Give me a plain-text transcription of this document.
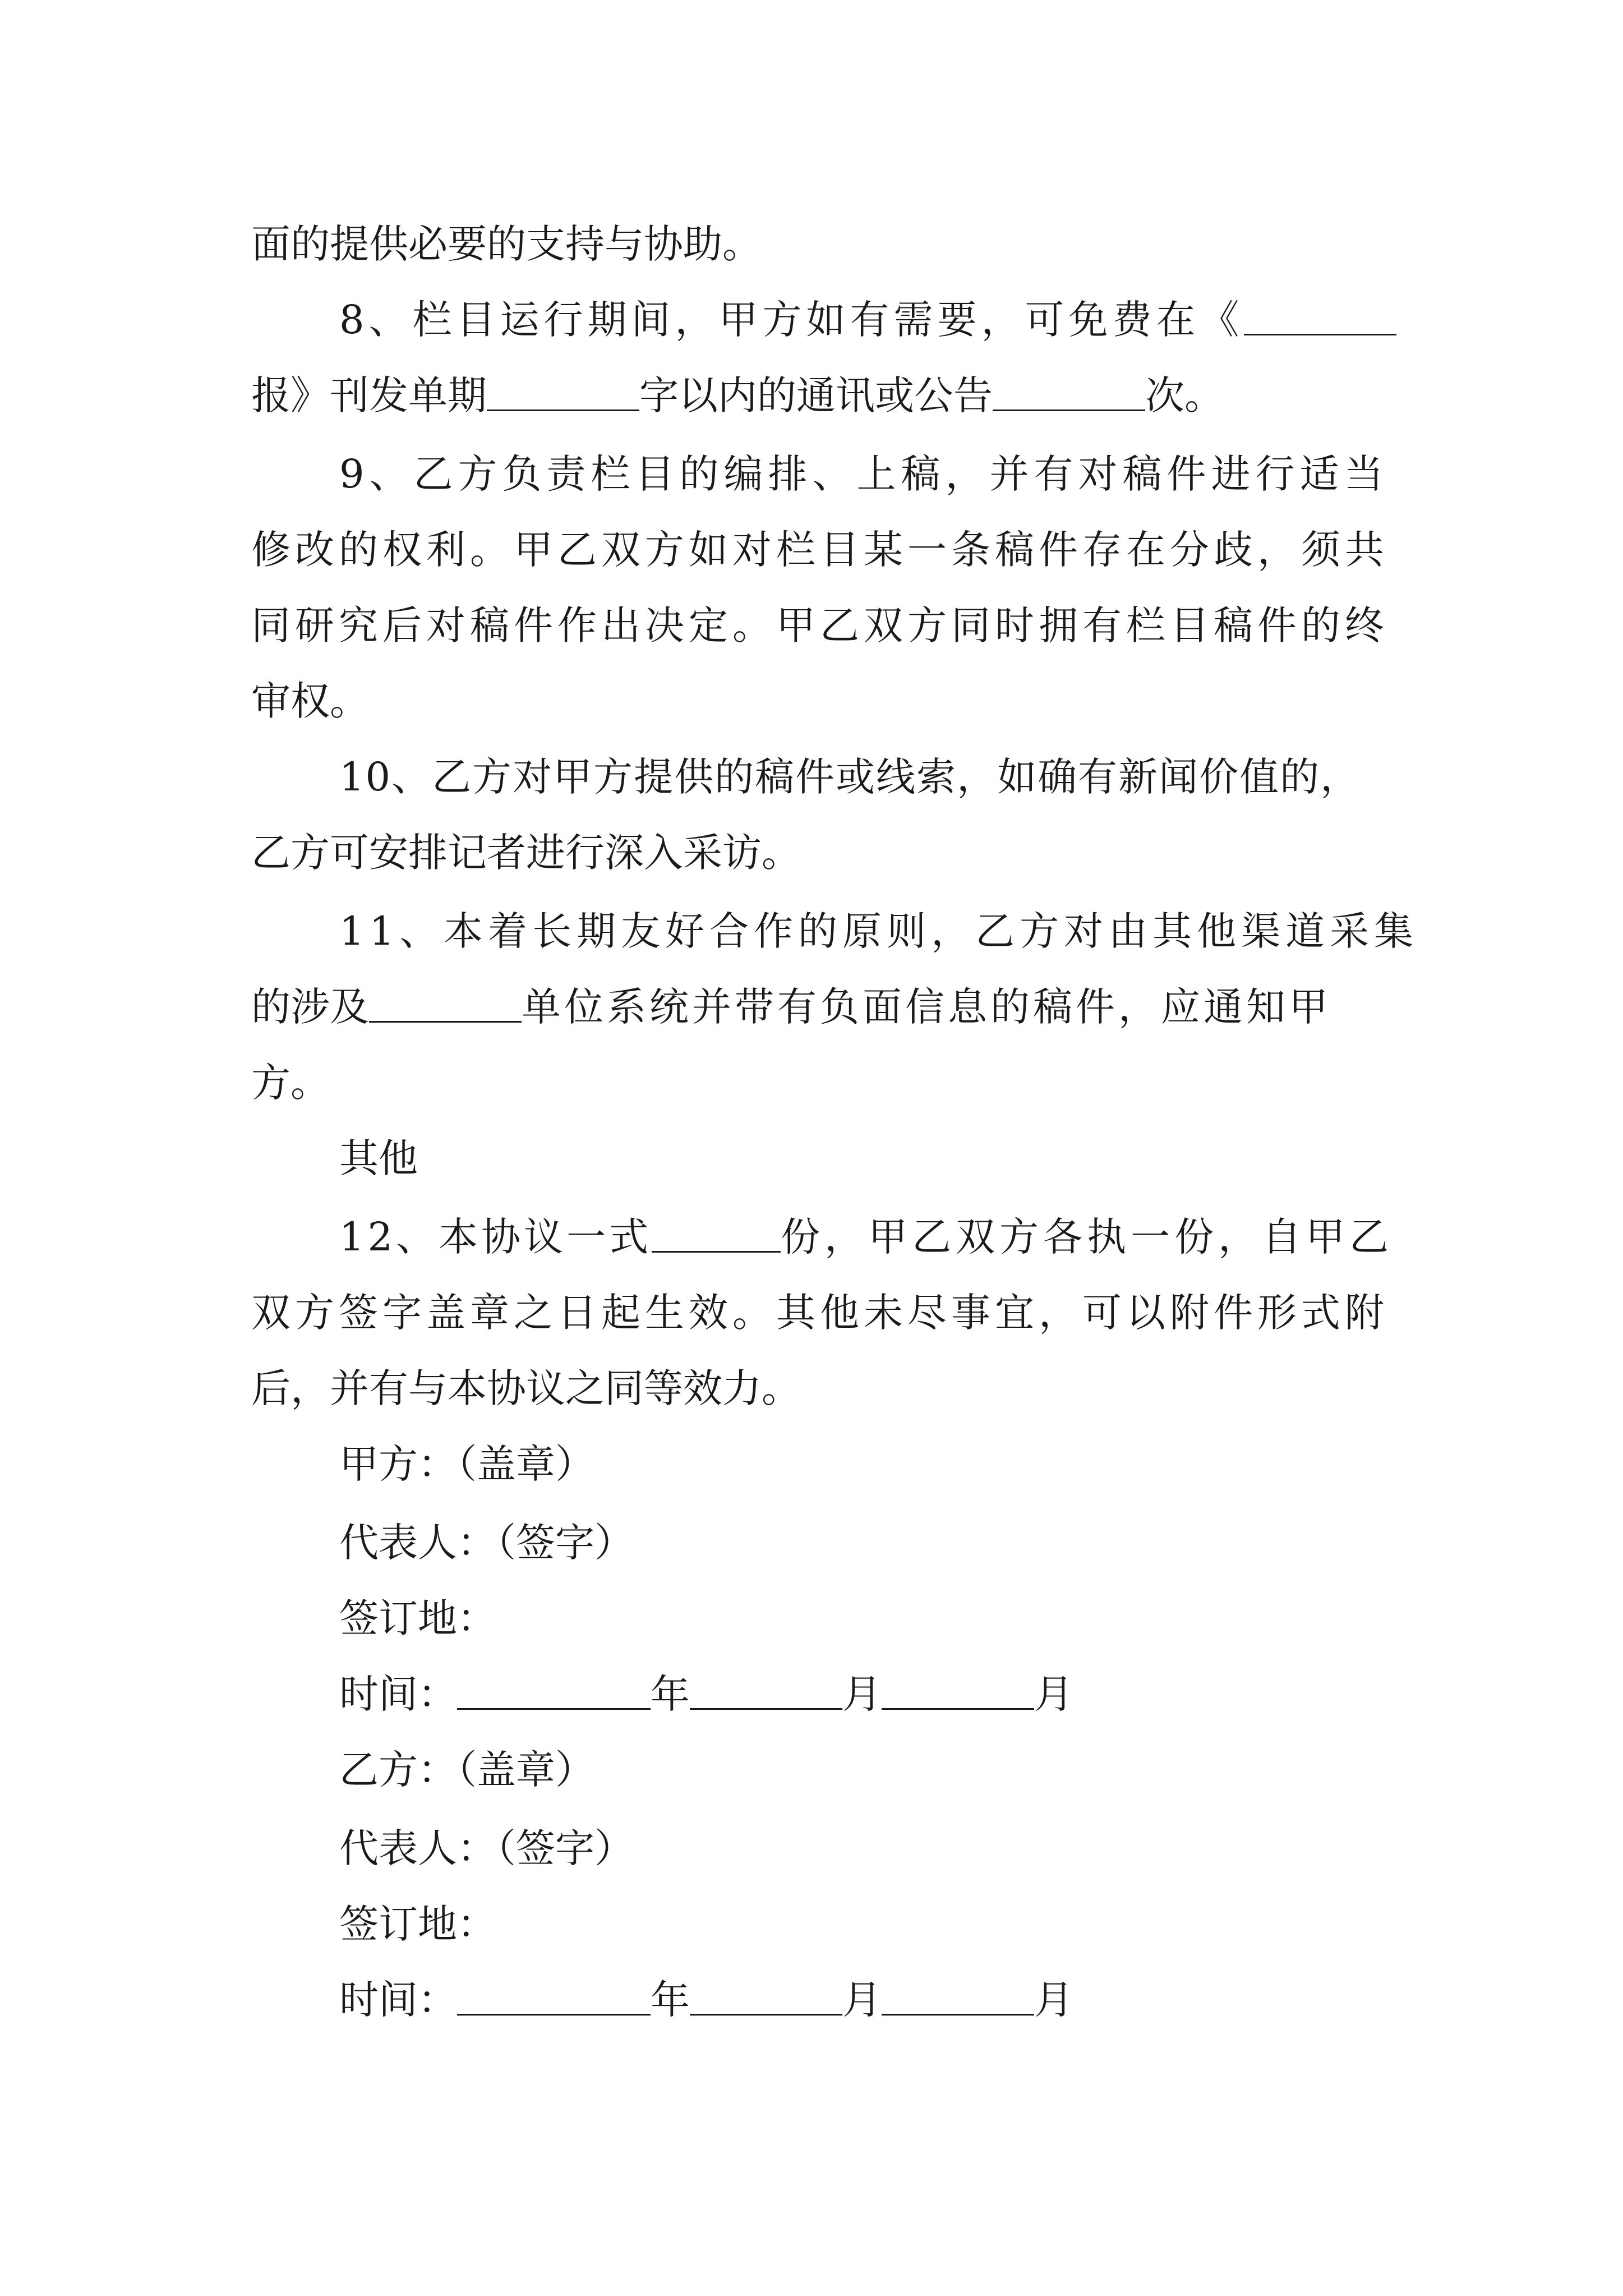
面的提供必要的支持与协助。
8、栏目运行期间，甲方如有需要，可免费在《
报》刊发单期	字以内的通讯或公告	次。
9、乙方负责栏目的编排、上稿，并有对稿件进行适当
修改的权利。甲乙双方如对栏目某一条稿件存在分歧，须共
同研究后对稿件作出决定。甲乙双方同时拥有栏目稿件的终
审权。
10、乙方对甲方提供的稿件或线索，如确有新闻价值的，
乙方可安排记者进行深入采访。
11、本着长期友好合作的原则，乙方对由其他渠道采集
的涉及	单位系统并带有负面信息的稿件，应通知甲
方。
其他
12、本协议一式	份，甲乙双方各执一份，自甲乙
双方签字盖章之日起生效。其他未尽事宜，可以附件形式附
后，并有与本协议之同等效力。
甲方：（盖章）
代表人：（签字）
签订地：
时间：	年	月	月
乙方：（盖章）
代表人：（签字）
签订地：
时间：	年	月	月
